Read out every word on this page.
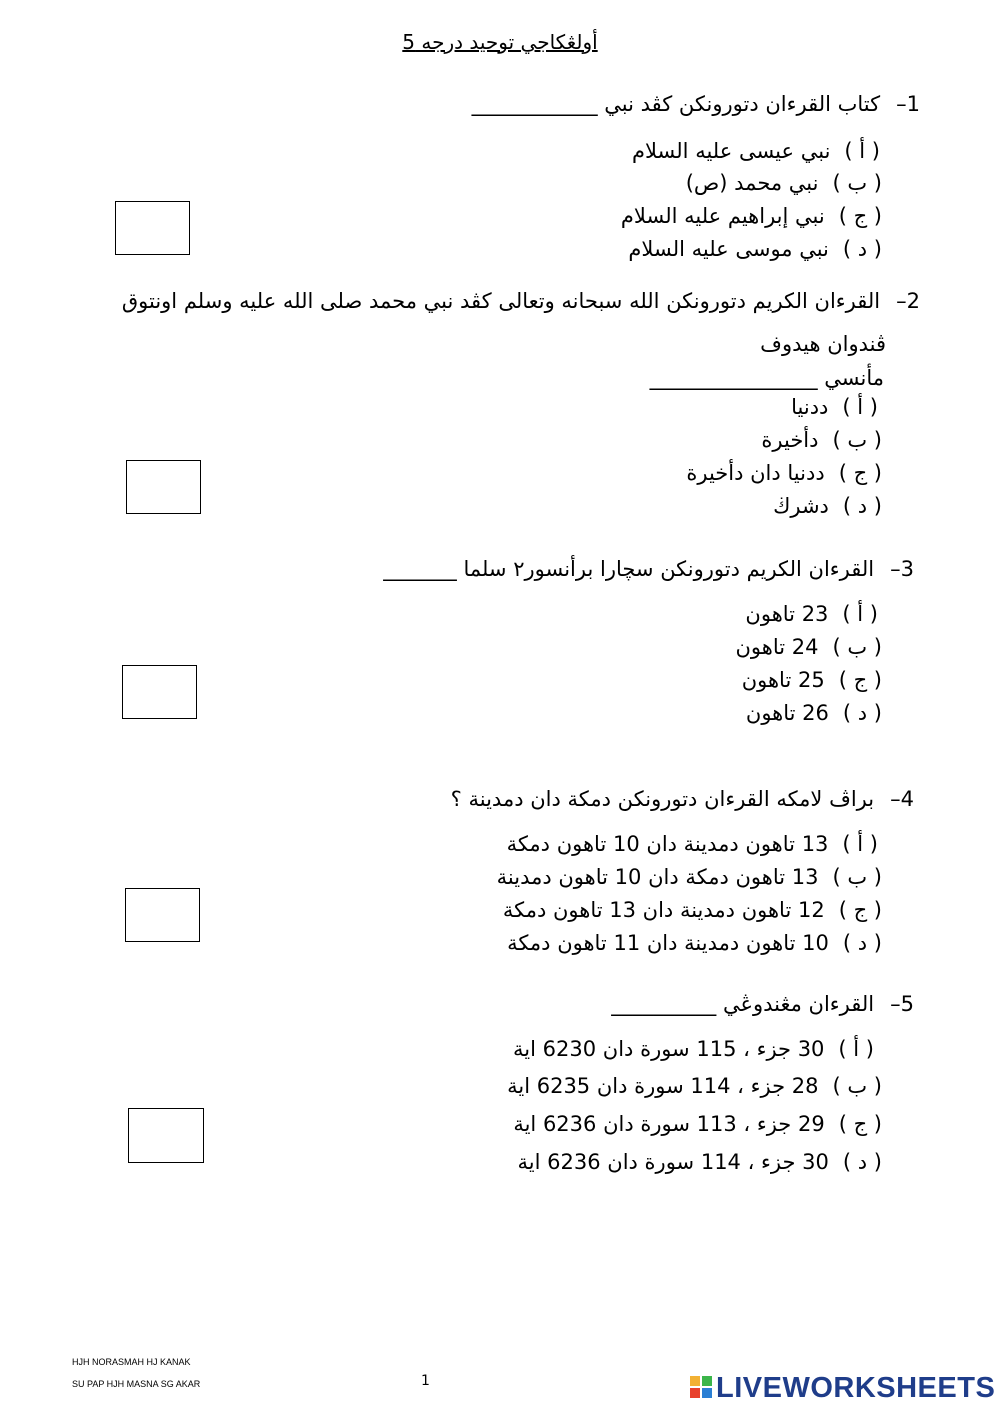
أولڠكاجي توحيد درجه 5
1–كتاب القرءان دتورونكن كڤد نبي ____________
( أ )نبي عيسى عليه السلام
( ب )نبي محمد (ص)
( ج )نبي إبراهيم عليه السلام
( د )نبي موسى عليه السلام
2–القرءان الكريم دتورونكن الله سبحانه وتعالى كڤد نبي محمد صلى الله عليه وسلم اونتوق
ڤندوان هيدوف
مأنسي ________________
( أ )ددنيا
( ب )دأخيرة
( ج )ددنيا دان دأخيرة
( د )دشرڬ
3–القرءان الكريم دتورونكن سچارا برأنسور٢ سلما _______
( أ )23 تاهون
( ب )24 تاهون
( ج )25 تاهون
( د )26 تاهون
4–براڤ لامكه القرءان دتورونكن دمكة دان دمدينة ؟
( أ )13 تاهون دمدينة دان 10 تاهون دمكة
( ب )13 تاهون دمكة دان 10 تاهون دمدينة
( ج )12 تاهون دمدينة دان 13 تاهون دمكة
( د )10 تاهون دمدينة دان 11 تاهون دمكة
5–القرءان مڠندوڠي __________
( أ )30 جزء ، 115 سورة دان 6230 اية
( ب )28 جزء ، 114 سورة دان 6235 اية
( ج )29 جزء ، 113 سورة دان 6236 اية
( د )30 جزء ، 114 سورة دان 6236 اية
HJH NORASMAH HJ KANAK
SU PAP HJH MASNA SG AKAR	1	LIVEWORKSHEETS
